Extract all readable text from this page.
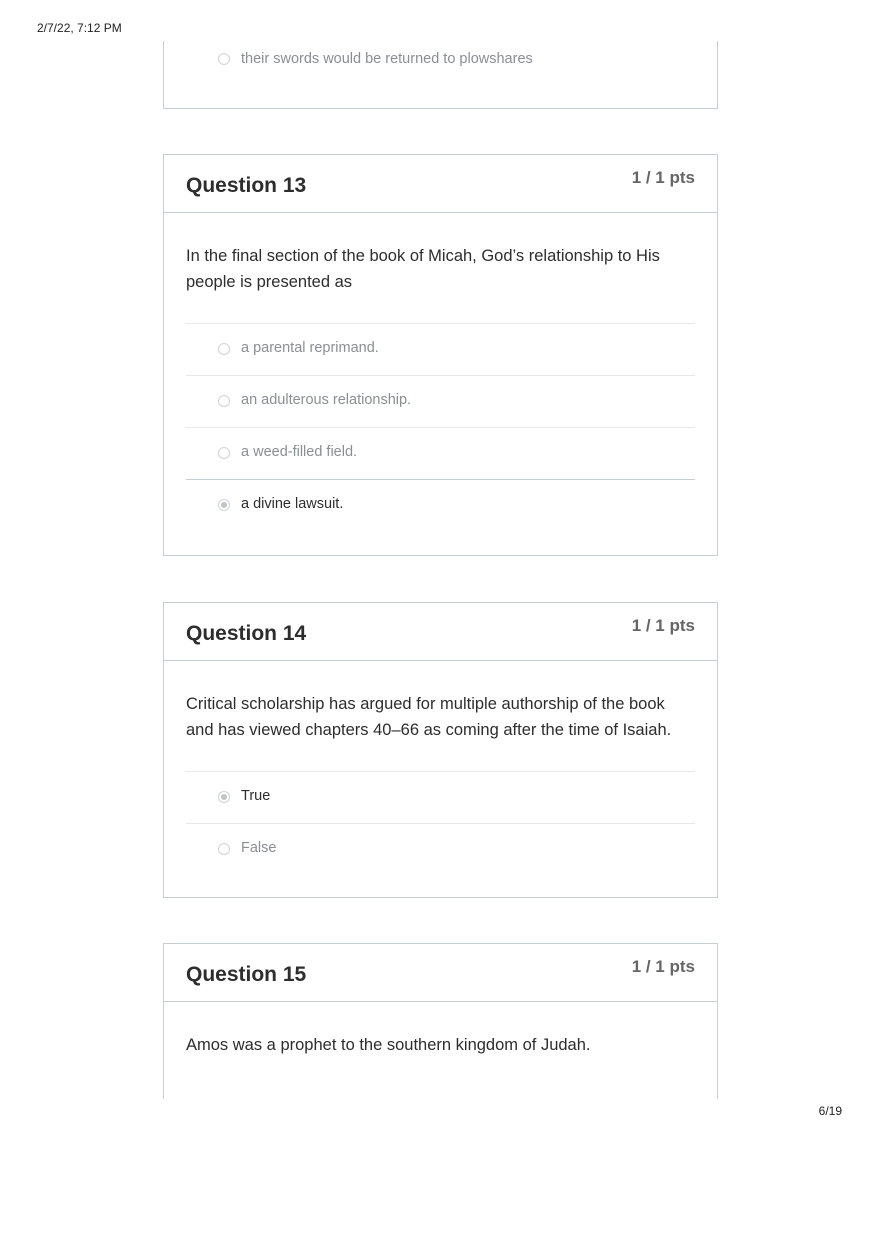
2/7/22, 7:12 PM
their swords would be returned to plowshares
Question 13	1 / 1 pts
In the final section of the book of Micah, God’s relationship to His people is presented as
a parental reprimand.
an adulterous relationship.
a weed-filled field.
a divine lawsuit.
Question 14	1 / 1 pts
Critical scholarship has argued for multiple authorship of the book and has viewed chapters 40–66 as coming after the time of Isaiah.
True
False
Question 15	1 / 1 pts
Amos was a prophet to the southern kingdom of Judah.
6/19
